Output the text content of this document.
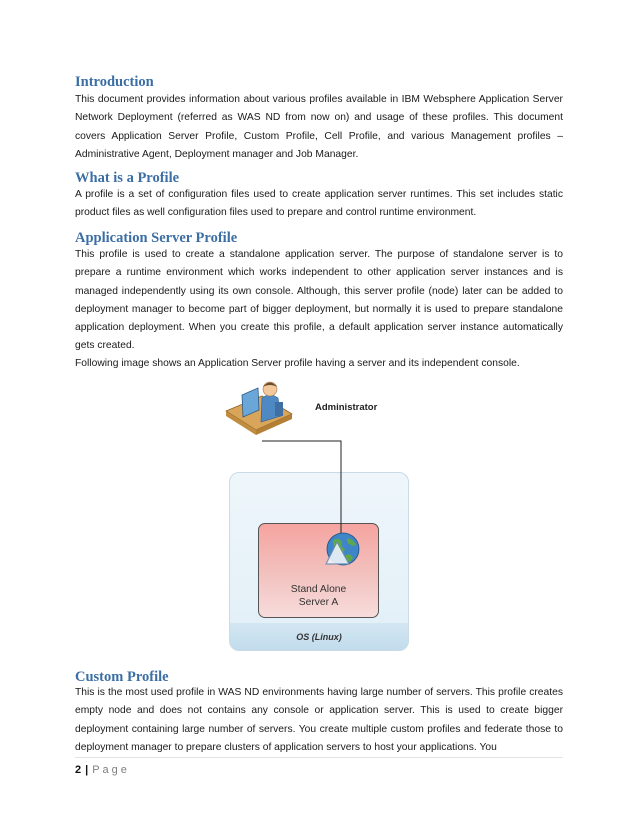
Introduction

This document provides information about various profiles available in IBM Websphere Application Server Network Deployment (referred as WAS ND from now on) and usage of these profiles. This document covers Application Server Profile, Custom Profile, Cell Profile, and various Management profiles – Administrative Agent, Deployment manager and Job Manager.

What is a Profile

A profile is a set of configuration files used to create application server runtimes. This set includes static product files as well configuration files used to prepare and control runtime environment.

Application Server Profile

This profile is used to create a standalone application server. The purpose of standalone server is to prepare a runtime environment which works independent to other application server instances and is managed independently using its own console. Although, this server profile (node) later can be added to deployment manager to become part of bigger deployment, but normally it is used to prepare standalone application deployment. When you create this profile, a default application server instance automatically gets created.

Following image shows an Application Server profile having a server and its independent console.

OS (Linux)
Stand Alone
Server A
Administrator
Custom Profile

This is the most used profile in WAS ND environments having large number of servers. This profile creates empty node and does not contains any console or application server. This is used to create bigger deployment containing large number of servers. You create multiple custom profiles and federate those to deployment manager to prepare clusters of application servers to host your applications. You

2 | Page
